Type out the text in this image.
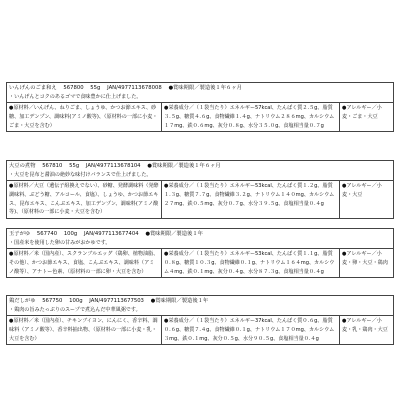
いんげんのごま和え 567800 55g JAN/4977113678008 ●賞味期限／製造後１年６ヶ月
・いんげんとコクのあるゴマで食味豊かに仕上げました。
●原材料／いんげん、ねりごま、しょうゆ、かつお節エキス、砂糖、加工デンプン、調味料(アミノ酸等)、（原材料の一部に小麦・ごま・大豆を含む）
●栄養成分／（１袋当たり）エネルギー57kcal、たんぱく質２.５g、脂質３.５g、糖質４.６g、食物繊維１.４g、ナトリウム２８６mg、カルシウム１７mg、鉄０.６mg、灰分０.８g、水分３５.０g、食塩相当量０.７g
●アレルギー／小麦・ごま・大豆
大豆の煮物 567810 55g JAN/4977113678104 ●賞味期限／製造後１年６ヶ月
・大豆を昆布と醤油の絶妙な味付けバランスで仕上げました。
●原材料／大豆（遺伝子組換えでない）、砂糖、発酵調味料（発酵調味料、ぶどう糖、アルコール、食塩）、しょうゆ、かつお節エキス、昆布エキス、こんぶエキス、加工デンプン、調味料(アミノ酸等)、（原材料の一部に小麦・大豆を含む）
●栄養成分／（１袋当たり）エネルギー53kcal、たんぱく質１.２g、脂質１.３g、糖質７.７g、食物繊維３.２g、ナトリウム１４０mg、カルシウム２７mg、鉄０.５mg、灰分０.７g、水分３９.５g、食塩相当量０.４g
●アレルギー／小麦・大豆
玉子がゆ 567740 100g JAN/4977113677404 ●賞味期限／製造後１年
・国産米を使用した卵の甘みがおかゆです。
●原材料／米（国内産）、スクランブルエッグ（鶏卵、植物油脂、その他）、かつお節エキス、食塩、こんぶエキス、調味料（アミノ酸等）、アナトー色素、（原材料の一部に卵・大豆を含む）
●栄養成分／（１袋当たり）エネルギー53kcal、たんぱく質１.１g、脂質０.８g、糖質１０.３g、食物繊維０.１g、ナトリウム１６４mg、カルシウム４mg、鉄０.１mg、灰分０.４g、水分８７.３g、食塩相当量０.４g
●アレルギー／小麦・卵・大豆・鶏肉
鶏だしがゆ 567750 100g JAN/4977113677503 ●賞味期限／製造後１年
・鶏肉の旨みたっぷりのスープで煮込んだ中華風粥です。
●原材料／米（国内産）、チキンブイヨン、にんにく、香辛料、調味料（アミノ酸等）、香辛料抽出物、（原材料の一部に小麦・乳・大豆を含む）
●栄養成分／（１袋当たり）エネルギー37kcal、たんぱく質０.６g、脂質０.６g、糖質７.４g、食物繊維０.１g、ナトリウム１７０mg、カルシウム３mg、鉄０.１mg、灰分０.５g、水分９０.５g、食塩相当量０.４g
●アレルギー／小麦・乳・鶏肉・大豆
